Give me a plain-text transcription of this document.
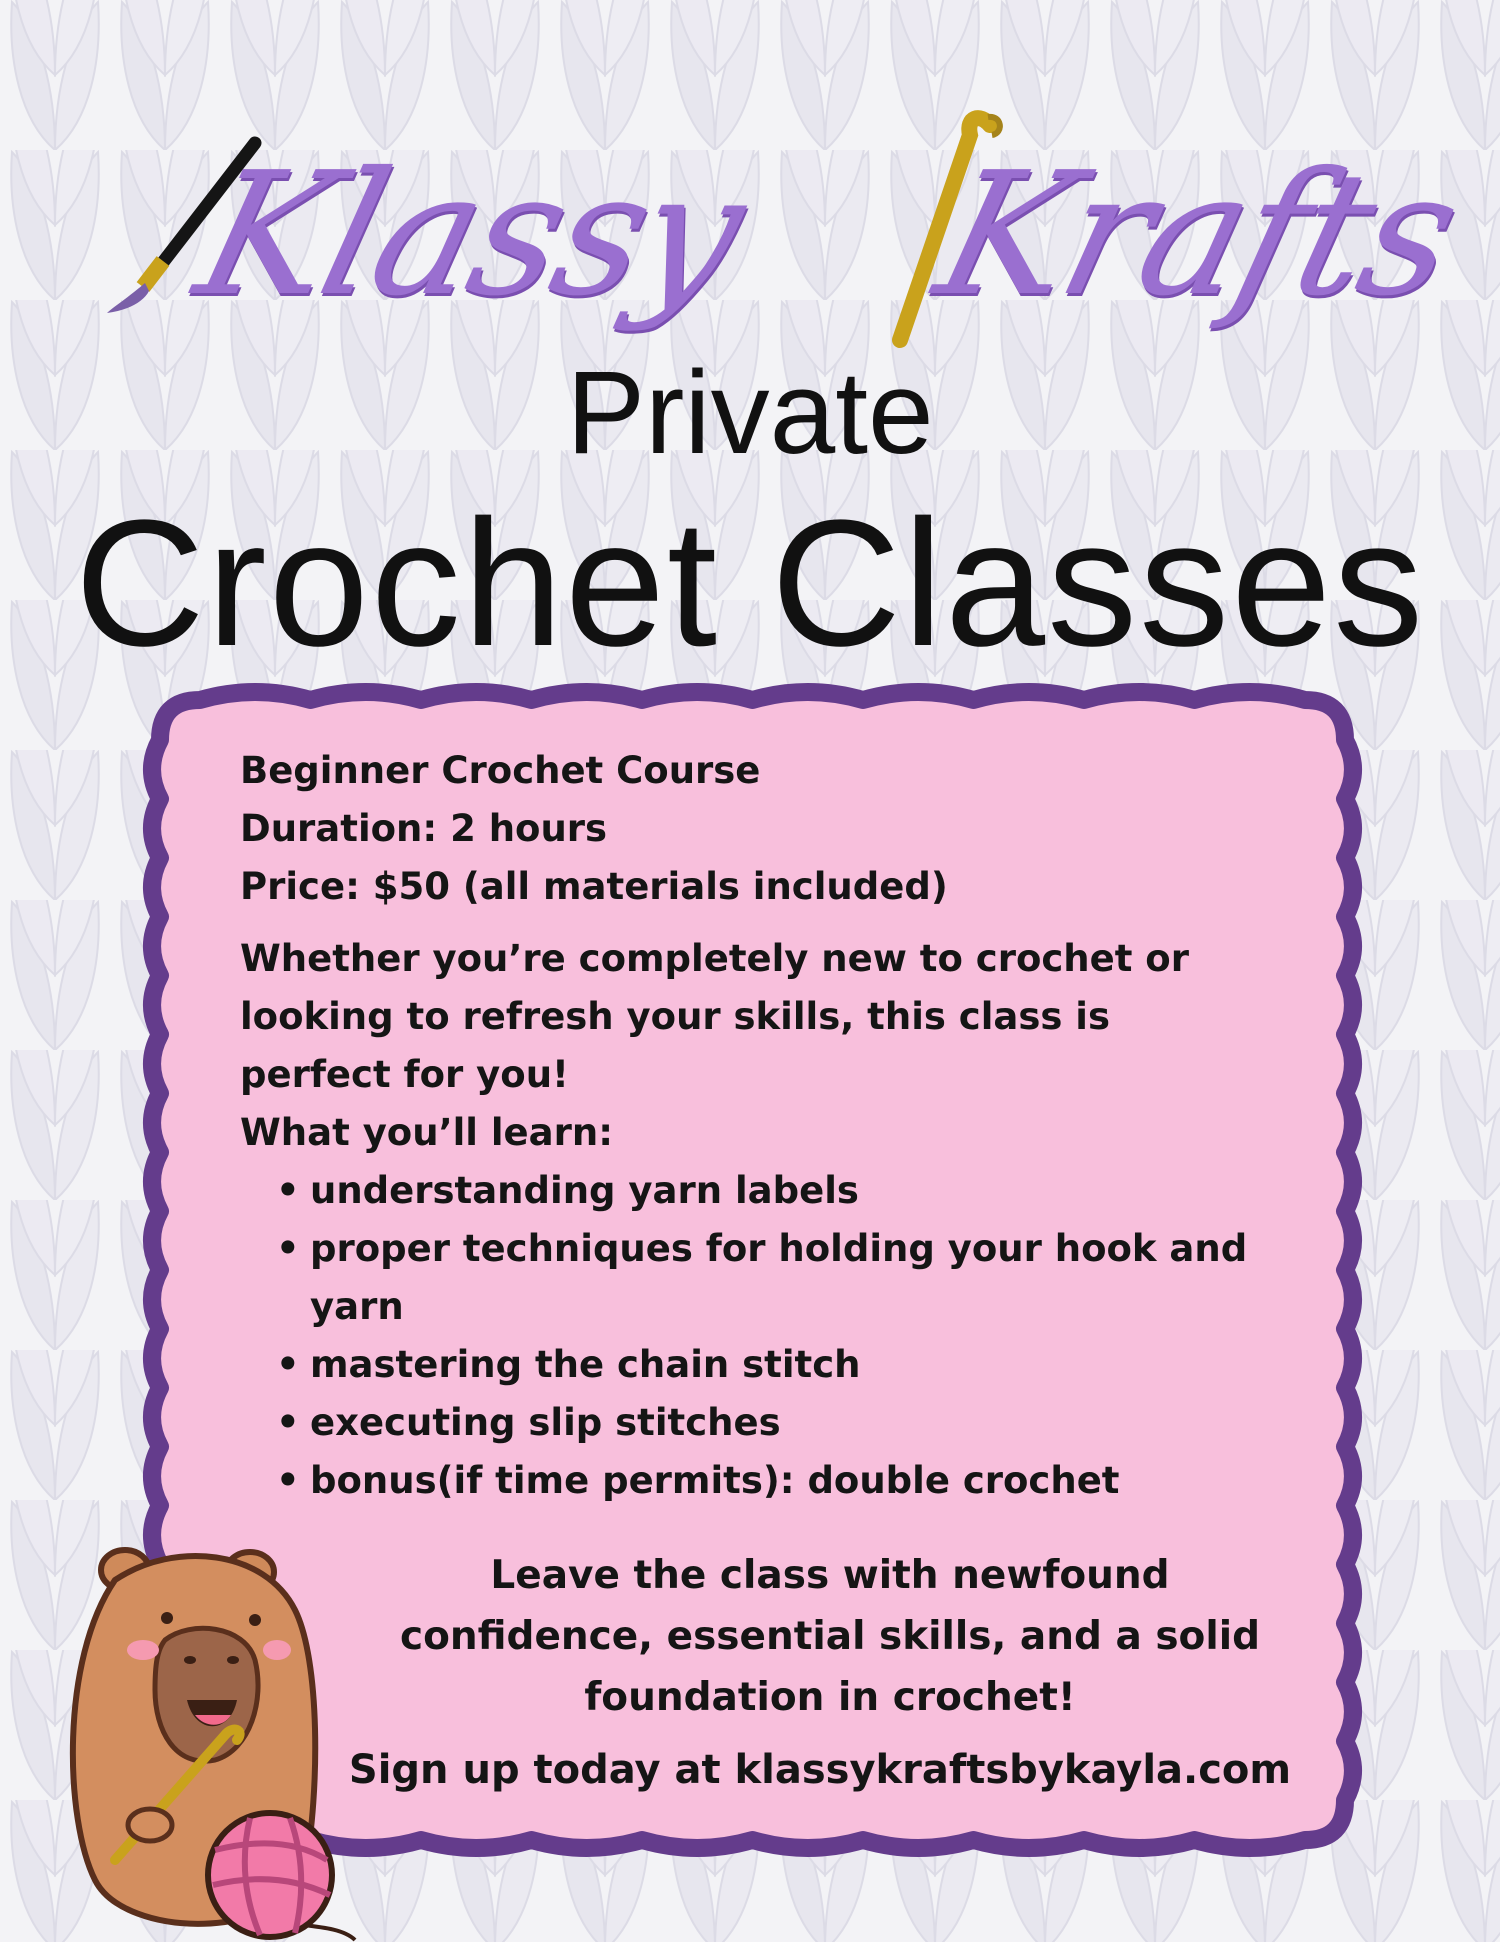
Klassy Krafts
Private
Crochet Classes
Beginner Crochet Course
Duration: 2 hours
Price: $50 (all materials included)
Whether you’re completely new to crochet or looking to refresh your skills, this class is perfect for you!
What you’ll learn:
• understanding yarn labels
• proper techniques for holding your hook and yarn
• mastering the chain stitch
• executing slip stitches
• bonus(if time permits): double crochet
Leave the class with newfound confidence, essential skills, and a solid foundation in crochet!
Sign up today at klassykraftsbykayla.com
